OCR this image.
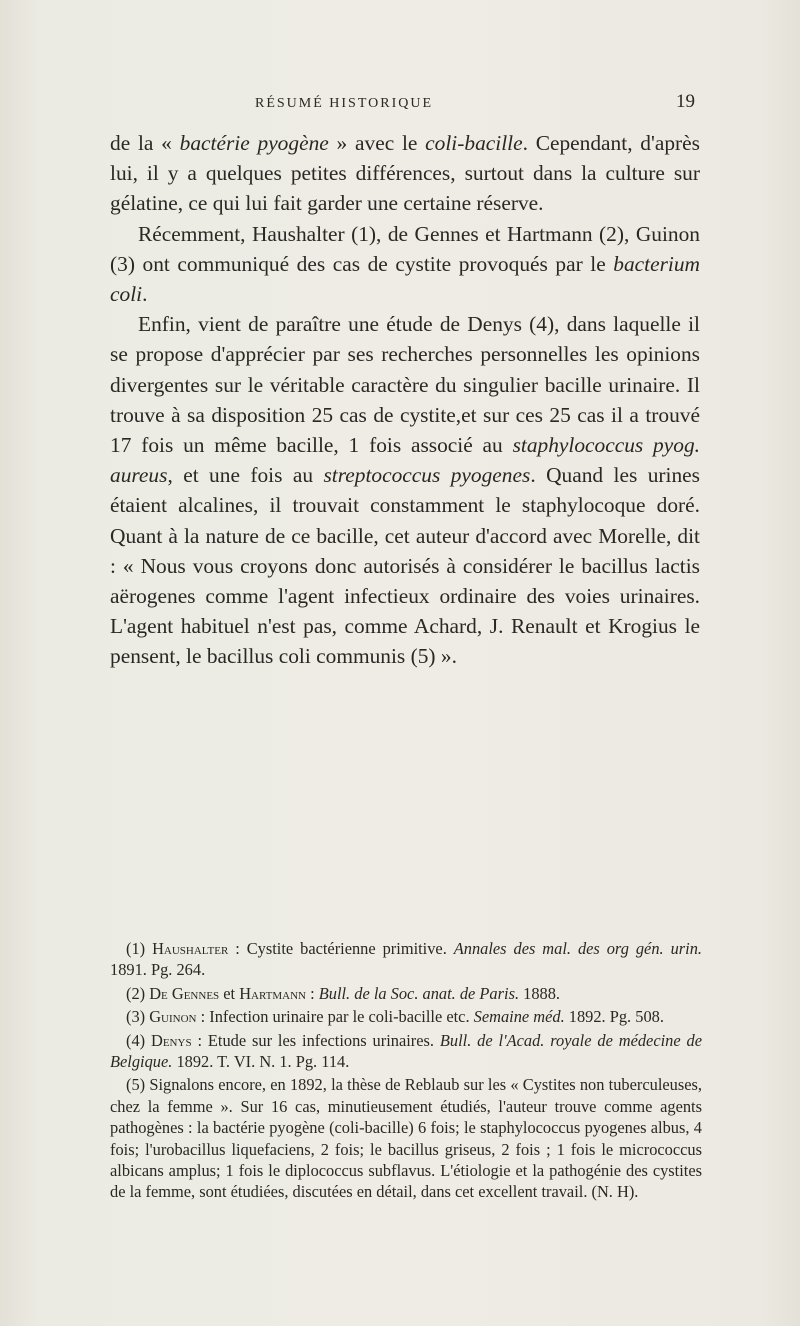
RÉSUMÉ HISTORIQUE	19

de la « bactérie pyogène » avec le coli-bacille. Cependant, d'après lui, il y a quelques petites différences, surtout dans la culture sur gélatine, ce qui lui fait garder une certaine réserve.

Récemment, Haushalter (1), de Gennes et Hartmann (2), Guinon (3) ont communiqué des cas de cystite provoqués par le bacterium coli.

Enfin, vient de paraître une étude de Denys (4), dans laquelle il se propose d'apprécier par ses recherches personnelles les opinions divergentes sur le véritable caractère du singulier bacille urinaire. Il trouve à sa disposition 25 cas de cystite,et sur ces 25 cas il a trouvé 17 fois un même bacille, 1 fois associé au staphylococcus pyog. aureus, et une fois au streptococcus pyogenes. Quand les urines étaient alcalines, il trouvait constamment le staphylocoque doré. Quant à la nature de ce bacille, cet auteur d'accord avec Morelle, dit : « Nous vous croyons donc autorisés à considérer le bacillus lactis aërogenes comme l'agent infectieux ordinaire des voies urinaires. L'agent habituel n'est pas, comme Achard, J. Renault et Krogius le pensent, le bacillus coli communis (5) ».

(1) Haushalter : Cystite bactérienne primitive. Annales des mal. des org gén. urin. 1891. Pg. 264.

(2) De Gennes et Hartmann : Bull. de la Soc. anat. de Paris. 1888.

(3) Guinon : Infection urinaire par le coli-bacille etc. Semaine méd. 1892. Pg. 508.

(4) Denys : Etude sur les infections urinaires. Bull. de l'Acad. royale de médecine de Belgique. 1892. T. VI. N. 1. Pg. 114.

(5) Signalons encore, en 1892, la thèse de Reblaub sur les « Cystites non tuberculeuses, chez la femme ». Sur 16 cas, minutieusement étudiés, l'auteur trouve comme agents pathogènes : la bactérie pyogène (coli-bacille) 6 fois; le staphylococcus pyogenes albus, 4 fois; l'urobacillus liquefaciens, 2 fois; le bacillus griseus, 2 fois ; 1 fois le micrococcus albicans amplus; 1 fois le diplococcus subflavus. L'étiologie et la pathogénie des cystites de la femme, sont étudiées, discutées en détail, dans cet excellent travail. (N. H).
